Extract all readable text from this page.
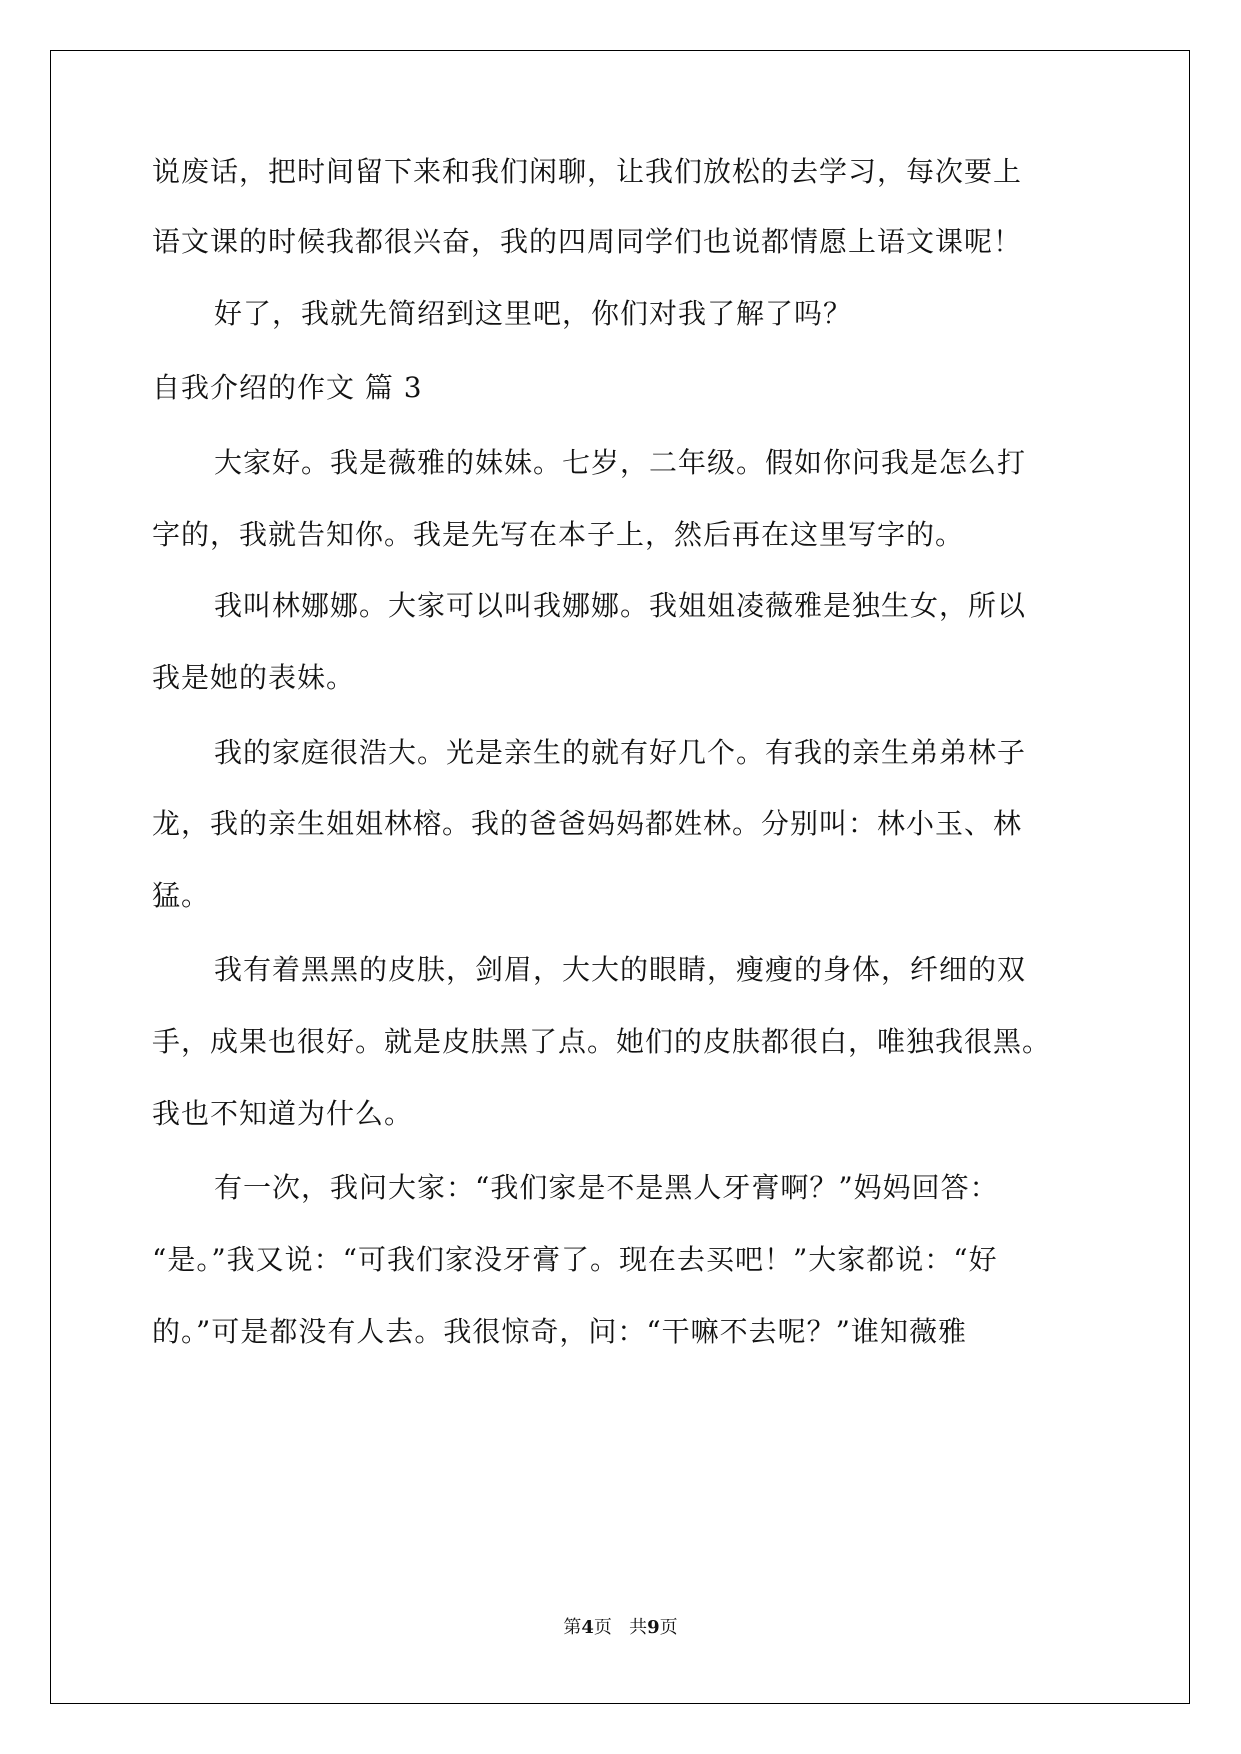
说废话，把时间留下来和我们闲聊，让我们放松的去学习，每次要上
语文课的时候我都很兴奋，我的四周同学们也说都情愿上语文课呢！
好了，我就先简绍到这里吧，你们对我了解了吗？
自我介绍的作文 篇 3
大家好。我是薇雅的妹妹。七岁，二年级。假如你问我是怎么打
字的，我就告知你。我是先写在本子上，然后再在这里写字的。
我叫林娜娜。大家可以叫我娜娜。我姐姐凌薇雅是独生女，所以
我是她的表妹。
我的家庭很浩大。光是亲生的就有好几个。有我的亲生弟弟林子
龙，我的亲生姐姐林榕。我的爸爸妈妈都姓林。分别叫：林小玉、林
猛。
我有着黑黑的皮肤，剑眉，大大的眼睛，瘦瘦的身体，纤细的双
手，成果也很好。就是皮肤黑了点。她们的皮肤都很白，唯独我很黑。
我也不知道为什么。
有一次，我问大家：“我们家是不是黑人牙膏啊？”妈妈回答：
“是。”我又说：“可我们家没牙膏了。现在去买吧！”大家都说：“好
的。”可是都没有人去。我很惊奇，问：“干嘛不去呢？”谁知薇雅
第4页 共9页
